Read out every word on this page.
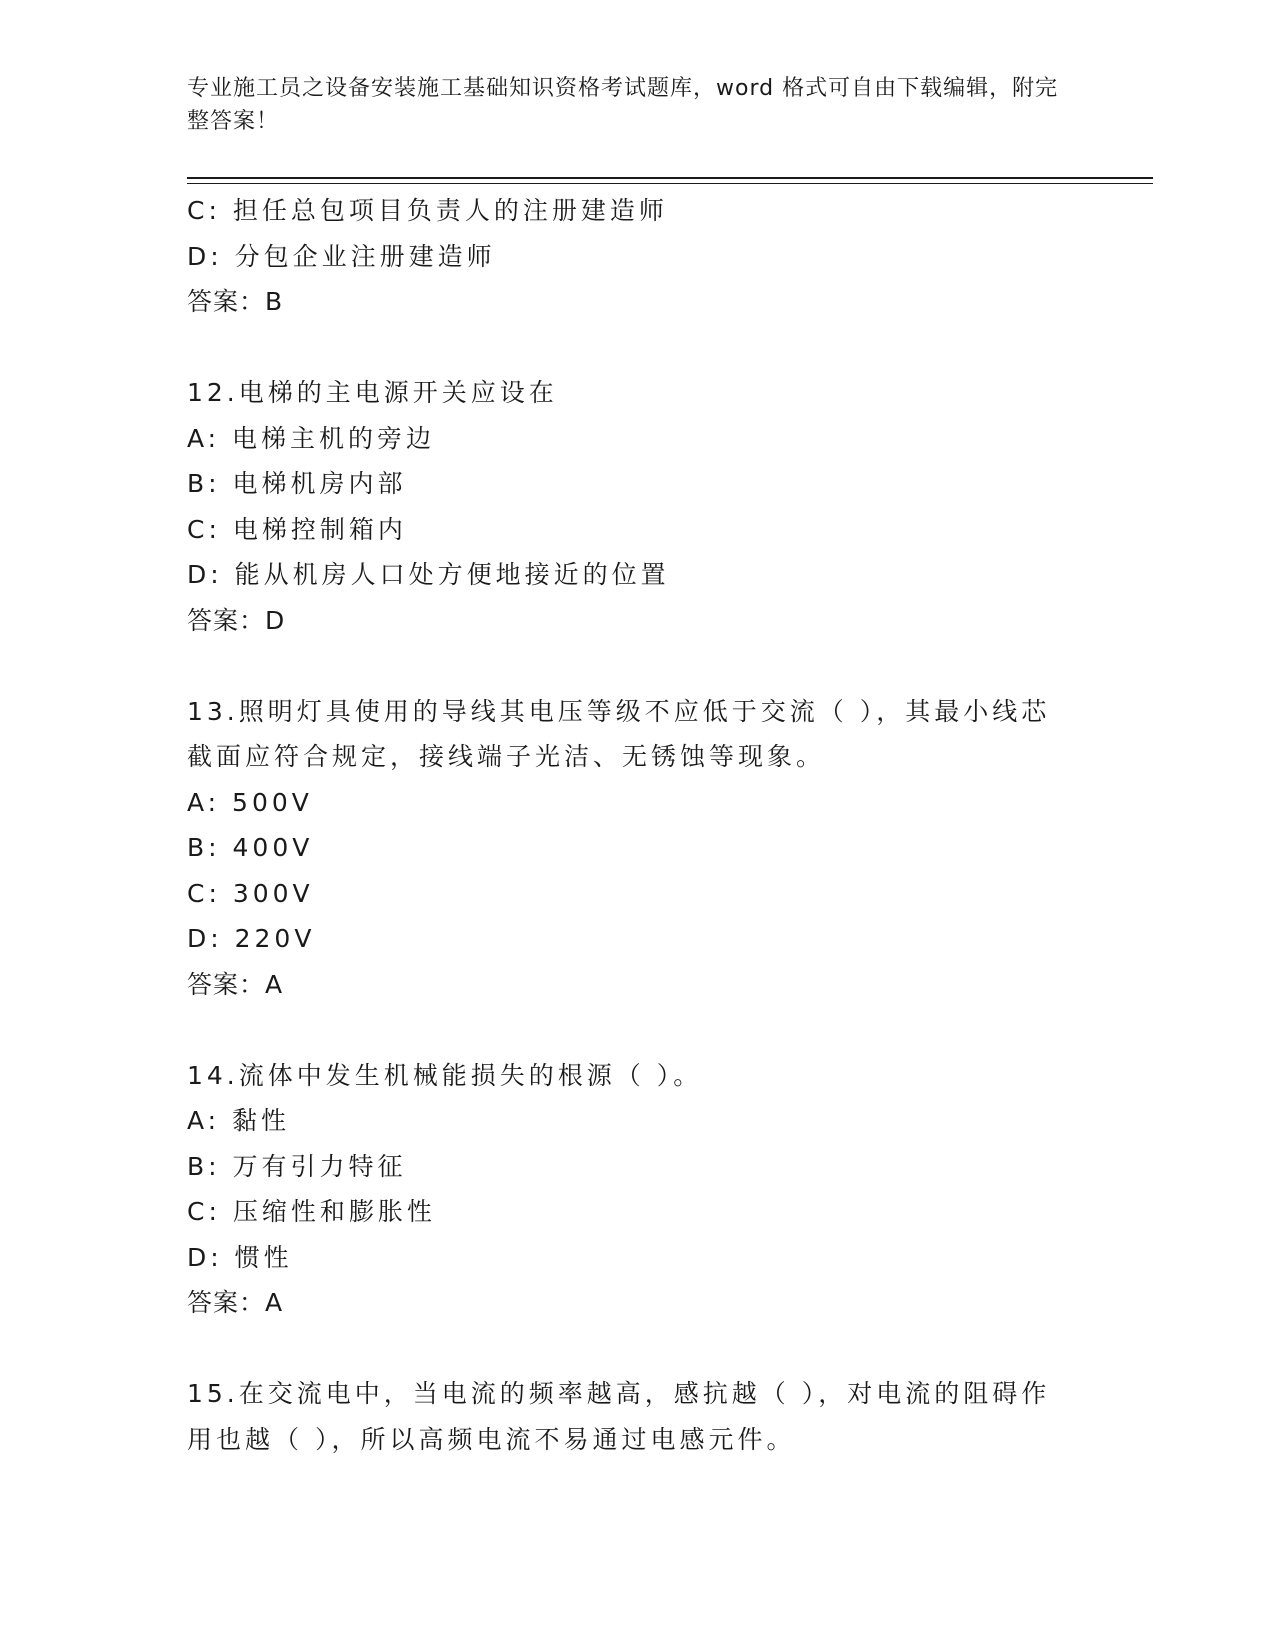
专业施工员之设备安装施工基础知识资格考试题库，word 格式可自由下载编辑，附完整答案！
C: 担任总包项目负责人的注册建造师
D: 分包企业注册建造师
答案：B
12.电梯的主电源开关应设在
A: 电梯主机的旁边
B: 电梯机房内部
C: 电梯控制箱内
D: 能从机房人口处方便地接近的位置
答案：D
13.照明灯具使用的导线其电压等级不应低于交流（ ），其最小线芯截面应符合规定，接线端子光洁、无锈蚀等现象。
A: 500V
B: 400V
C: 300V
D: 220V
答案：A
14.流体中发生机械能损失的根源（ ）。
A: 黏性
B: 万有引力特征
C: 压缩性和膨胀性
D: 惯性
答案：A
15.在交流电中，当电流的频率越高，感抗越（ ），对电流的阻碍作用也越（ ），所以高频电流不易通过电感元件。
